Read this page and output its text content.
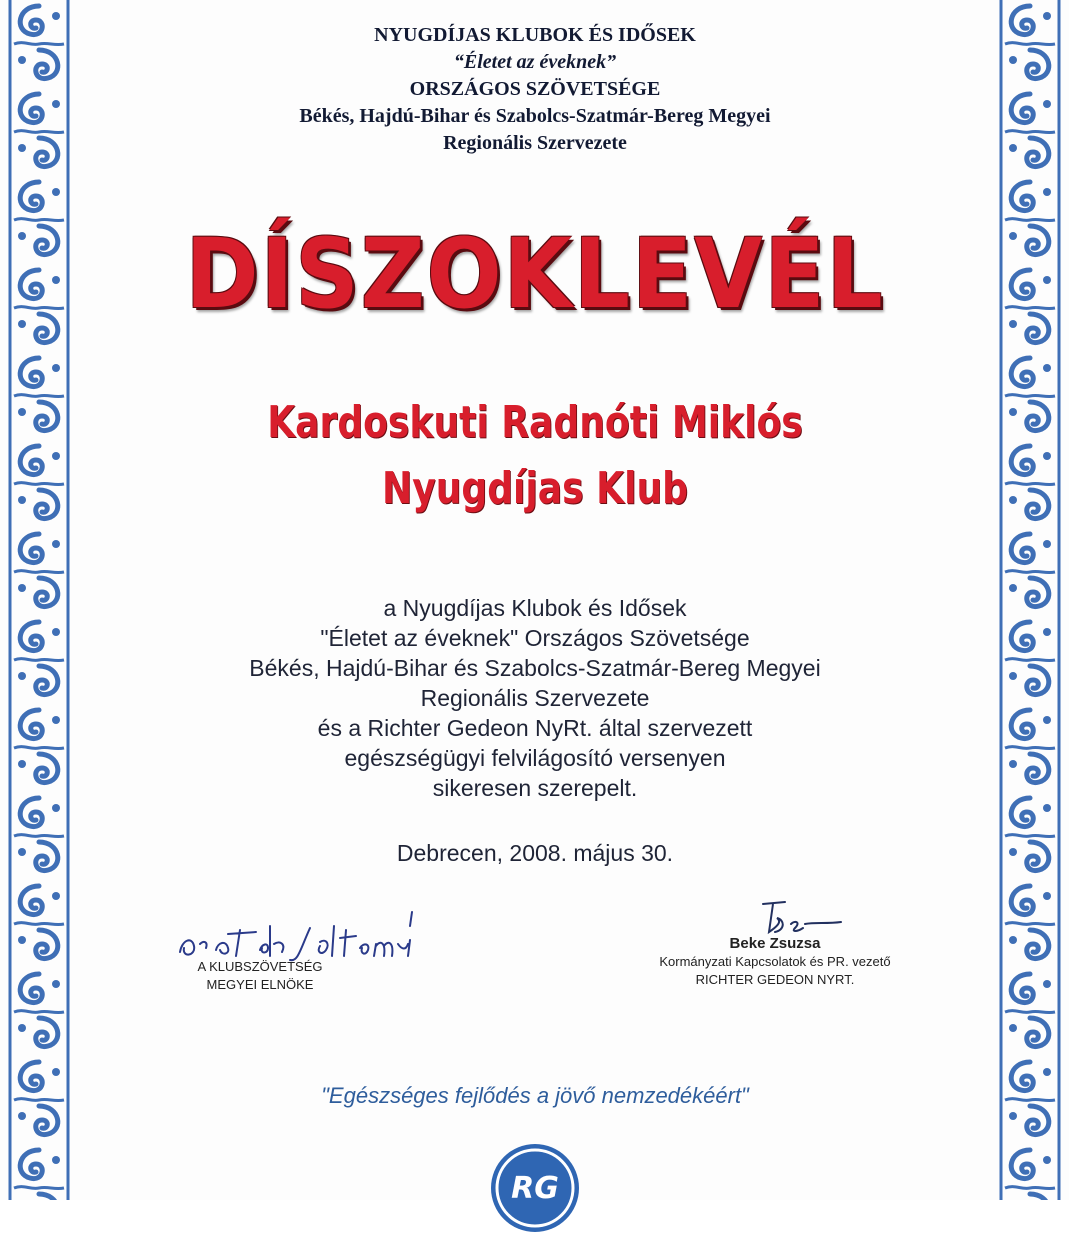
NYUGDÍJAS KLUBOK ÉS IDŐSEK
“Életet az éveknek”
ORSZÁGOS SZÖVETSÉGE
Békés, Hajdú-Bihar és Szabolcs-Szatmár-Bereg Megyei
Regionális Szervezete
DÍSZOKLEVÉL
Kardoskuti Radnóti Miklós
Nyugdíjas Klub
a Nyugdíjas Klubok és Idősek
"Életet az éveknek" Országos Szövetsége
Békés, Hajdú-Bihar és Szabolcs-Szatmár-Bereg Megyei
Regionális Szervezete
és a Richter Gedeon NyRt. által szervezett
egészségügyi felvilágosító versenyen
sikeresen szerepelt.
Debrecen, 2008. május 30.
A KLUBSZÖVETSÉG
MEGYEI ELNÖKE
Beke Zsuzsa
Kormányzati Kapcsolatok és PR. vezető
RICHTER GEDEON NYRT.
"Egészséges fejlődés a jövő nemzedékéért"
RG
